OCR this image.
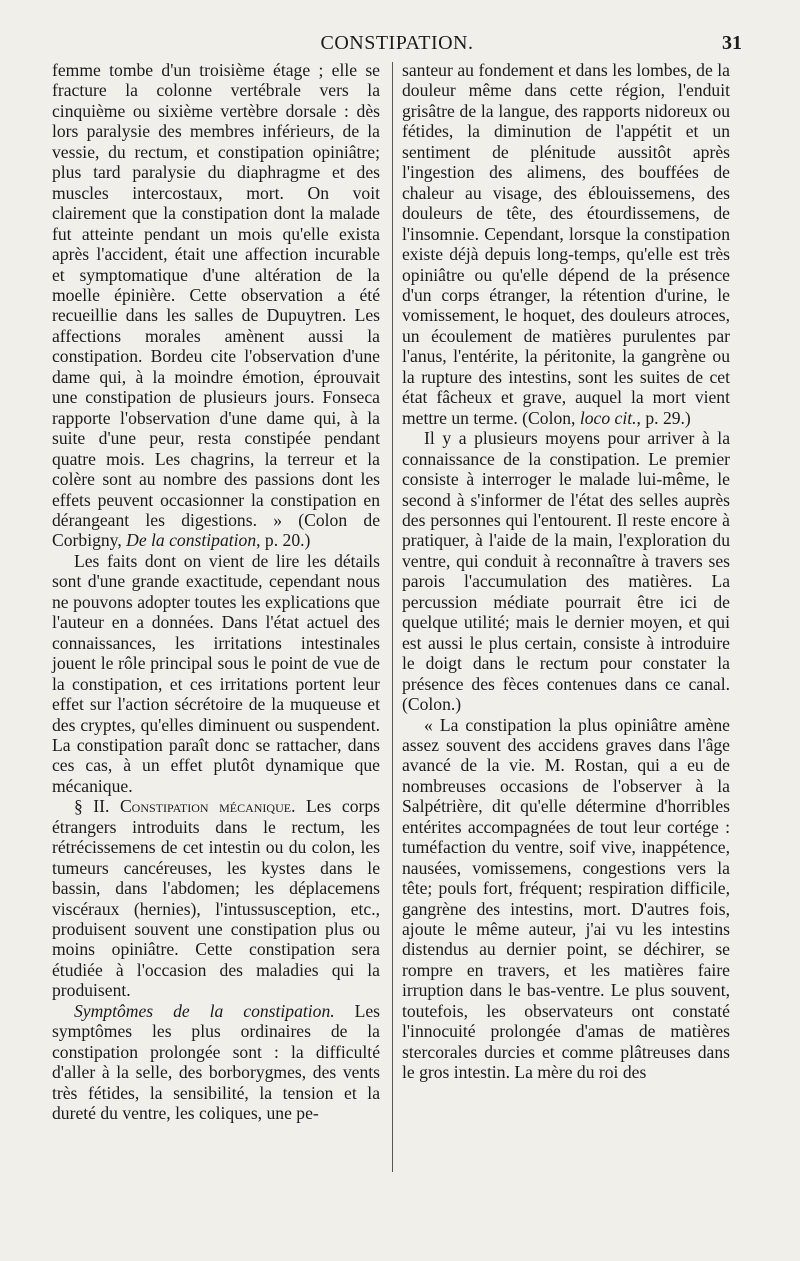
CONSTIPATION.	31

femme tombe d'un troisième étage ; elle se fracture la colonne vertébrale vers la cinquième ou sixième vertèbre dorsale : dès lors paralysie des membres inférieurs, de la vessie, du rectum, et constipation opiniâtre; plus tard paralysie du diaphragme et des muscles intercostaux, mort. On voit clairement que la constipation dont la malade fut atteinte pendant un mois qu'elle exista après l'accident, était une affection incurable et symptomatique d'une altération de la moelle épinière. Cette observation a été recueillie dans les salles de Dupuytren. Les affections morales amènent aussi la constipation. Bordeu cite l'observation d'une dame qui, à la moindre émotion, éprouvait une constipation de plusieurs jours. Fonseca rapporte l'observation d'une dame qui, à la suite d'une peur, resta constipée pendant quatre mois. Les chagrins, la terreur et la colère sont au nombre des passions dont les effets peuvent occasionner la constipation en dérangeant les digestions. » (Colon de Corbigny, De la constipation, p. 20.)

Les faits dont on vient de lire les détails sont d'une grande exactitude, cependant nous ne pouvons adopter toutes les explications que l'auteur en a données. Dans l'état actuel des connaissances, les irritations intestinales jouent le rôle principal sous le point de vue de la constipation, et ces irritations portent leur effet sur l'action sécrétoire de la muqueuse et des cryptes, qu'elles diminuent ou suspendent. La constipation paraît donc se rattacher, dans ces cas, à un effet plutôt dynamique que mécanique.

§ II. Constipation mécanique. Les corps étrangers introduits dans le rectum, les rétrécissemens de cet intestin ou du colon, les tumeurs cancéreuses, les kystes dans le bassin, dans l'abdomen; les déplacemens viscéraux (hernies), l'intussusception, etc., produisent souvent une constipation plus ou moins opiniâtre. Cette constipation sera étudiée à l'occasion des maladies qui la produisent.

Symptômes de la constipation. Les symptômes les plus ordinaires de la constipation prolongée sont : la difficulté d'aller à la selle, des borborygmes, des vents très fétides, la sensibilité, la tension et la dureté du ventre, les coliques, une pe-

santeur au fondement et dans les lombes, de la douleur même dans cette région, l'enduit grisâtre de la langue, des rapports nidoreux ou fétides, la diminution de l'appétit et un sentiment de plénitude aussitôt après l'ingestion des alimens, des bouffées de chaleur au visage, des éblouissemens, des douleurs de tête, des étourdissemens, de l'insomnie. Cependant, lorsque la constipation existe déjà depuis long-temps, qu'elle est très opiniâtre ou qu'elle dépend de la présence d'un corps étranger, la rétention d'urine, le vomissement, le hoquet, des douleurs atroces, un écoulement de matières purulentes par l'anus, l'entérite, la péritonite, la gangrène ou la rupture des intestins, sont les suites de cet état fâcheux et grave, auquel la mort vient mettre un terme. (Colon, loco cit., p. 29.)

Il y a plusieurs moyens pour arriver à la connaissance de la constipation. Le premier consiste à interroger le malade lui-même, le second à s'informer de l'état des selles auprès des personnes qui l'entourent. Il reste encore à pratiquer, à l'aide de la main, l'exploration du ventre, qui conduit à reconnaître à travers ses parois l'accumulation des matières. La percussion médiate pourrait être ici de quelque utilité; mais le dernier moyen, et qui est aussi le plus certain, consiste à introduire le doigt dans le rectum pour constater la présence des fèces contenues dans ce canal. (Colon.)

« La constipation la plus opiniâtre amène assez souvent des accidens graves dans l'âge avancé de la vie. M. Rostan, qui a eu de nombreuses occasions de l'observer à la Salpétrière, dit qu'elle détermine d'horribles entérites accompagnées de tout leur cortége : tuméfaction du ventre, soif vive, inappétence, nausées, vomissemens, congestions vers la tête; pouls fort, fréquent; respiration difficile, gangrène des intestins, mort. D'autres fois, ajoute le même auteur, j'ai vu les intestins distendus au dernier point, se déchirer, se rompre en travers, et les matières faire irruption dans le bas-ventre. Le plus souvent, toutefois, les observateurs ont constaté l'innocuité prolongée d'amas de matières stercorales durcies et comme plâtreuses dans le gros intestin. La mère du roi des
